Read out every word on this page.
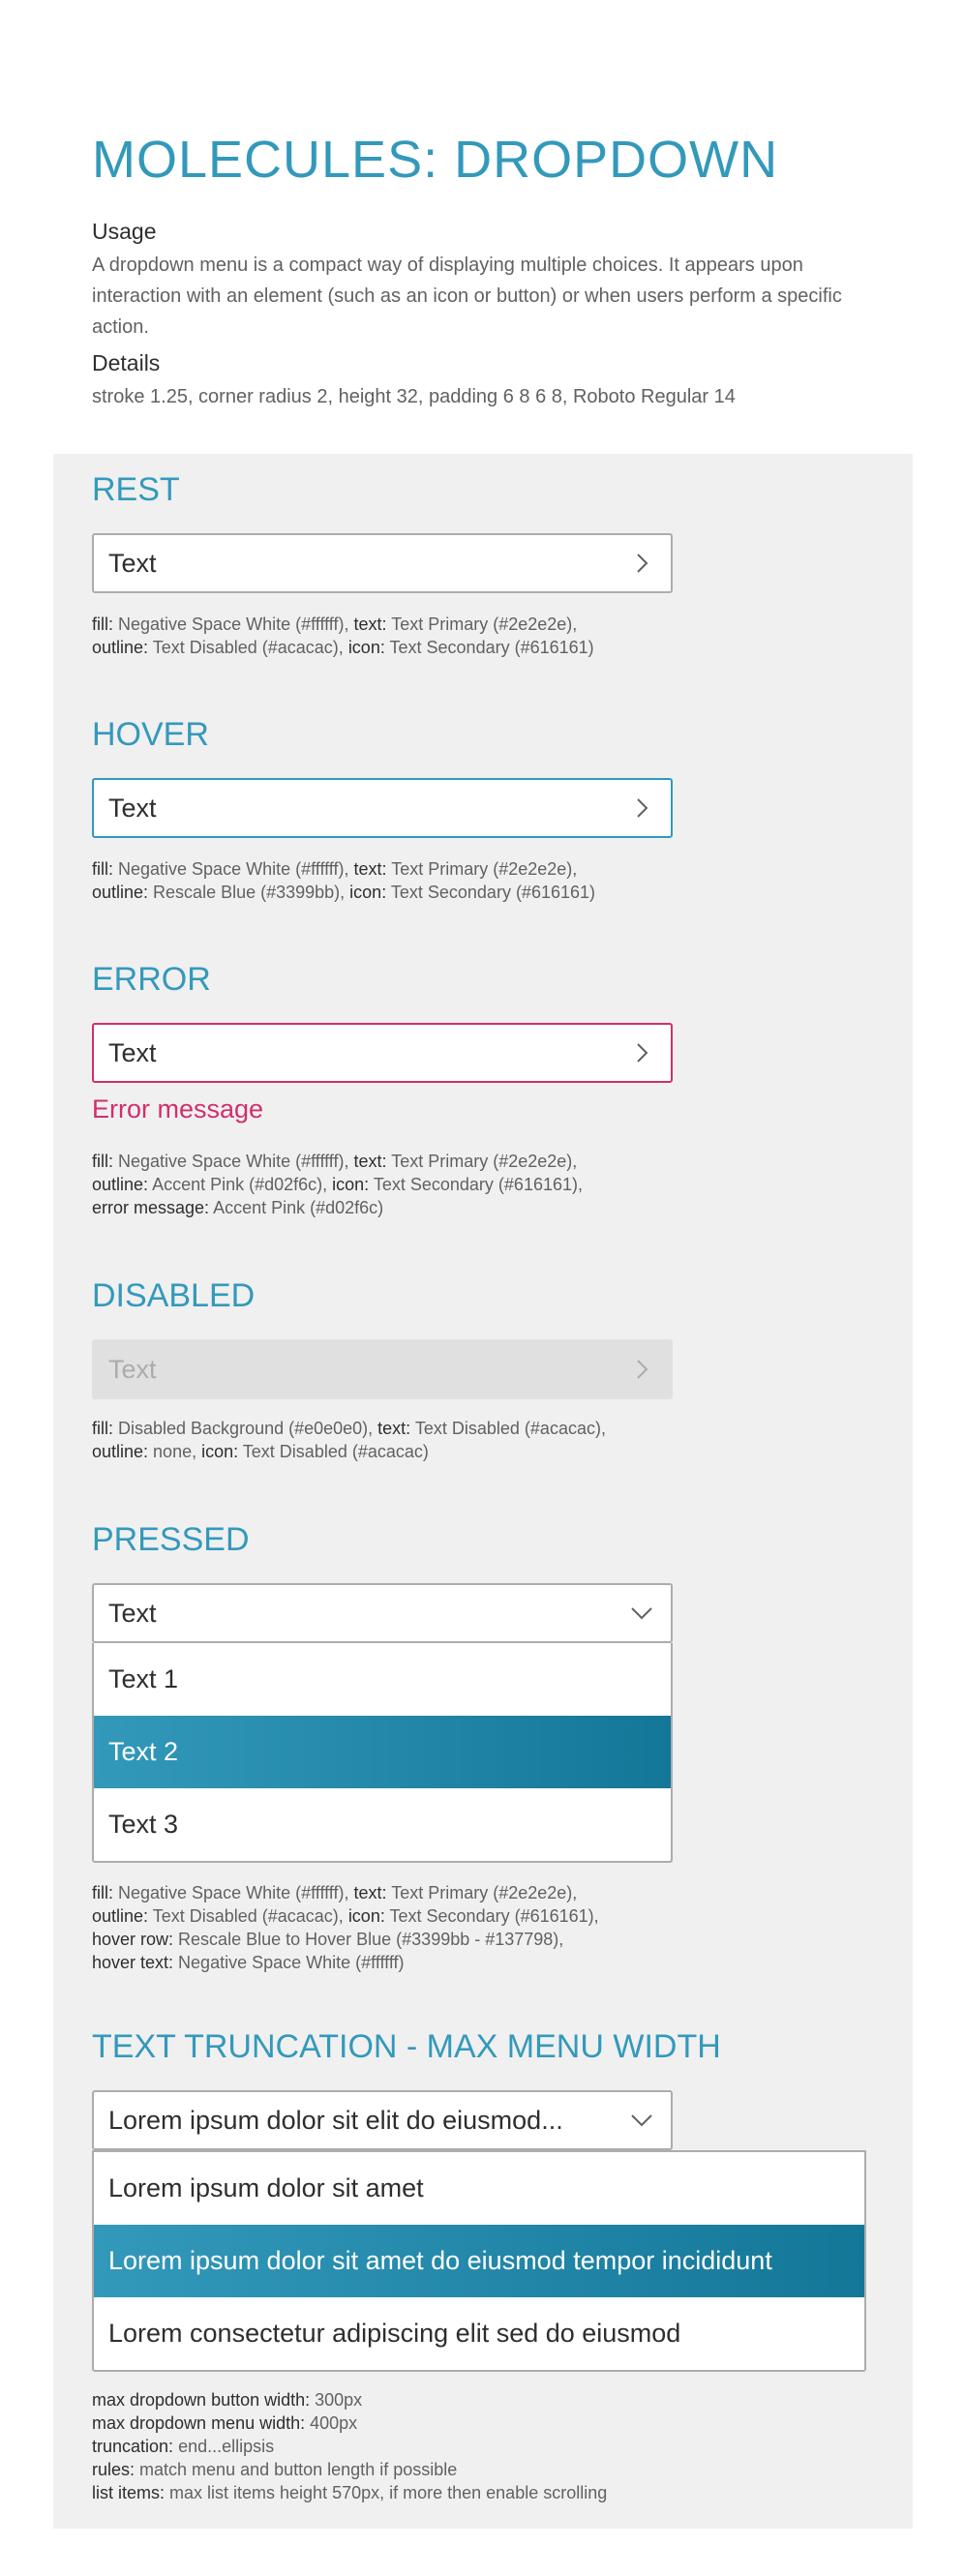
MOLECULES: DROPDOWN
Usage
A dropdown menu is a compact way of displaying multiple choices. It appears upon interaction with an element (such as an icon or button) or when users perform a specific action.
Details
stroke 1.25, corner radius 2, height 32, padding 6 8 6 8, Roboto Regular 14
REST
Text
fill: Negative Space White (#ffffff), text: Text Primary (#2e2e2e),
outline: Text Disabled (#acacac), icon: Text Secondary (#616161)
HOVER
Text
fill: Negative Space White (#ffffff), text: Text Primary (#2e2e2e),
outline: Rescale Blue (#3399bb), icon: Text Secondary (#616161)
ERROR
Text
Error message
fill: Negative Space White (#ffffff), text: Text Primary (#2e2e2e),
outline: Accent Pink (#d02f6c), icon: Text Secondary (#616161),
error message: Accent Pink (#d02f6c)
DISABLED
Text
fill: Disabled Background (#e0e0e0), text: Text Disabled (#acacac),
outline: none, icon: Text Disabled (#acacac)
PRESSED
Text
Text 1
Text 2
Text 3
fill: Negative Space White (#ffffff), text: Text Primary (#2e2e2e),
outline: Text Disabled (#acacac), icon: Text Secondary (#616161),
hover row: Rescale Blue to Hover Blue (#3399bb - #137798),
hover text: Negative Space White (#ffffff)
TEXT TRUNCATION - MAX MENU WIDTH
Lorem ipsum dolor sit elit do eiusmod...
Lorem ipsum dolor sit amet
Lorem ipsum dolor sit amet do eiusmod tempor incididunt
Lorem consectetur adipiscing elit sed do eiusmod
max dropdown button width: 300px
max dropdown menu width: 400px
truncation: end...ellipsis
rules: match menu and button length if possible
list items: max list items height 570px, if more then enable scrolling
